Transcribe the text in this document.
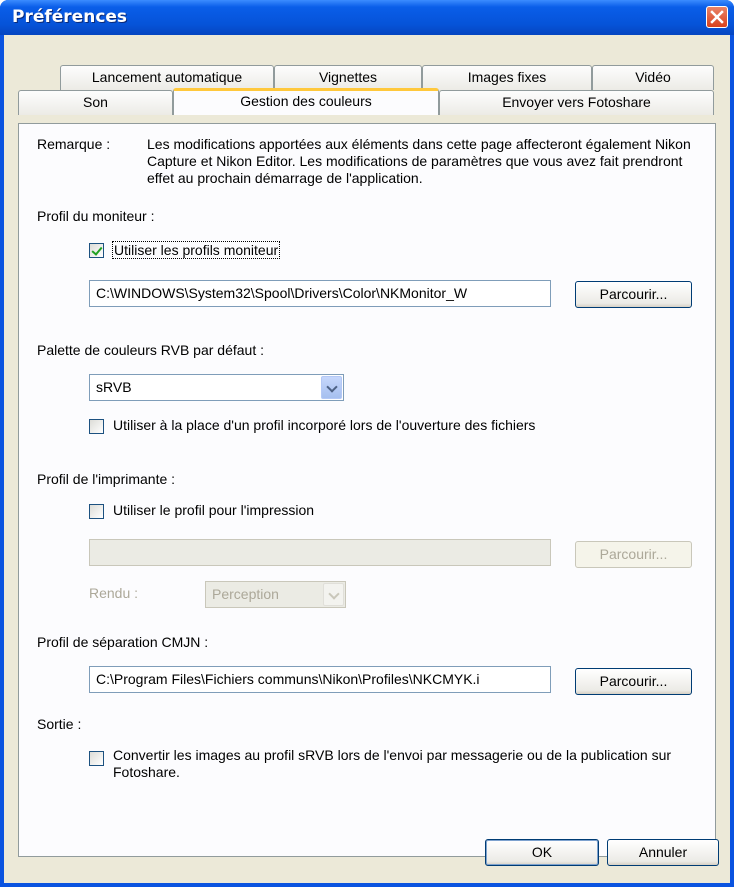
Préférences
Lancement automatique	Vignettes	Images fixes	Vidéo
Son	Gestion des couleurs	Envoyer vers Fotoshare
Remarque :	Les modifications apportées aux éléments dans cette page affecteront également Nikon Capture et Nikon Editor. Les modifications de paramètres que vous avez fait prendront effet au prochain démarrage de l'application.
Profil du moniteur :
Utiliser les profils moniteur
C:\WINDOWS\System32\Spool\Drivers\Color\NKMonitor_W	Parcourir...
Palette de couleurs RVB par défaut :
sRVB
Utiliser à la place d'un profil incorporé lors de l'ouverture des fichiers
Profil de l'imprimante :
Utiliser le profil pour l'impression
Parcourir...
Rendu :	Perception
Profil de séparation CMJN :
C:\Program Files\Fichiers communs\Nikon\Profiles\NKCMYK.i	Parcourir...
Sortie :
Convertir les images au profil sRVB lors de l'envoi par messagerie ou de la publication sur Fotoshare.
OK	Annuler
